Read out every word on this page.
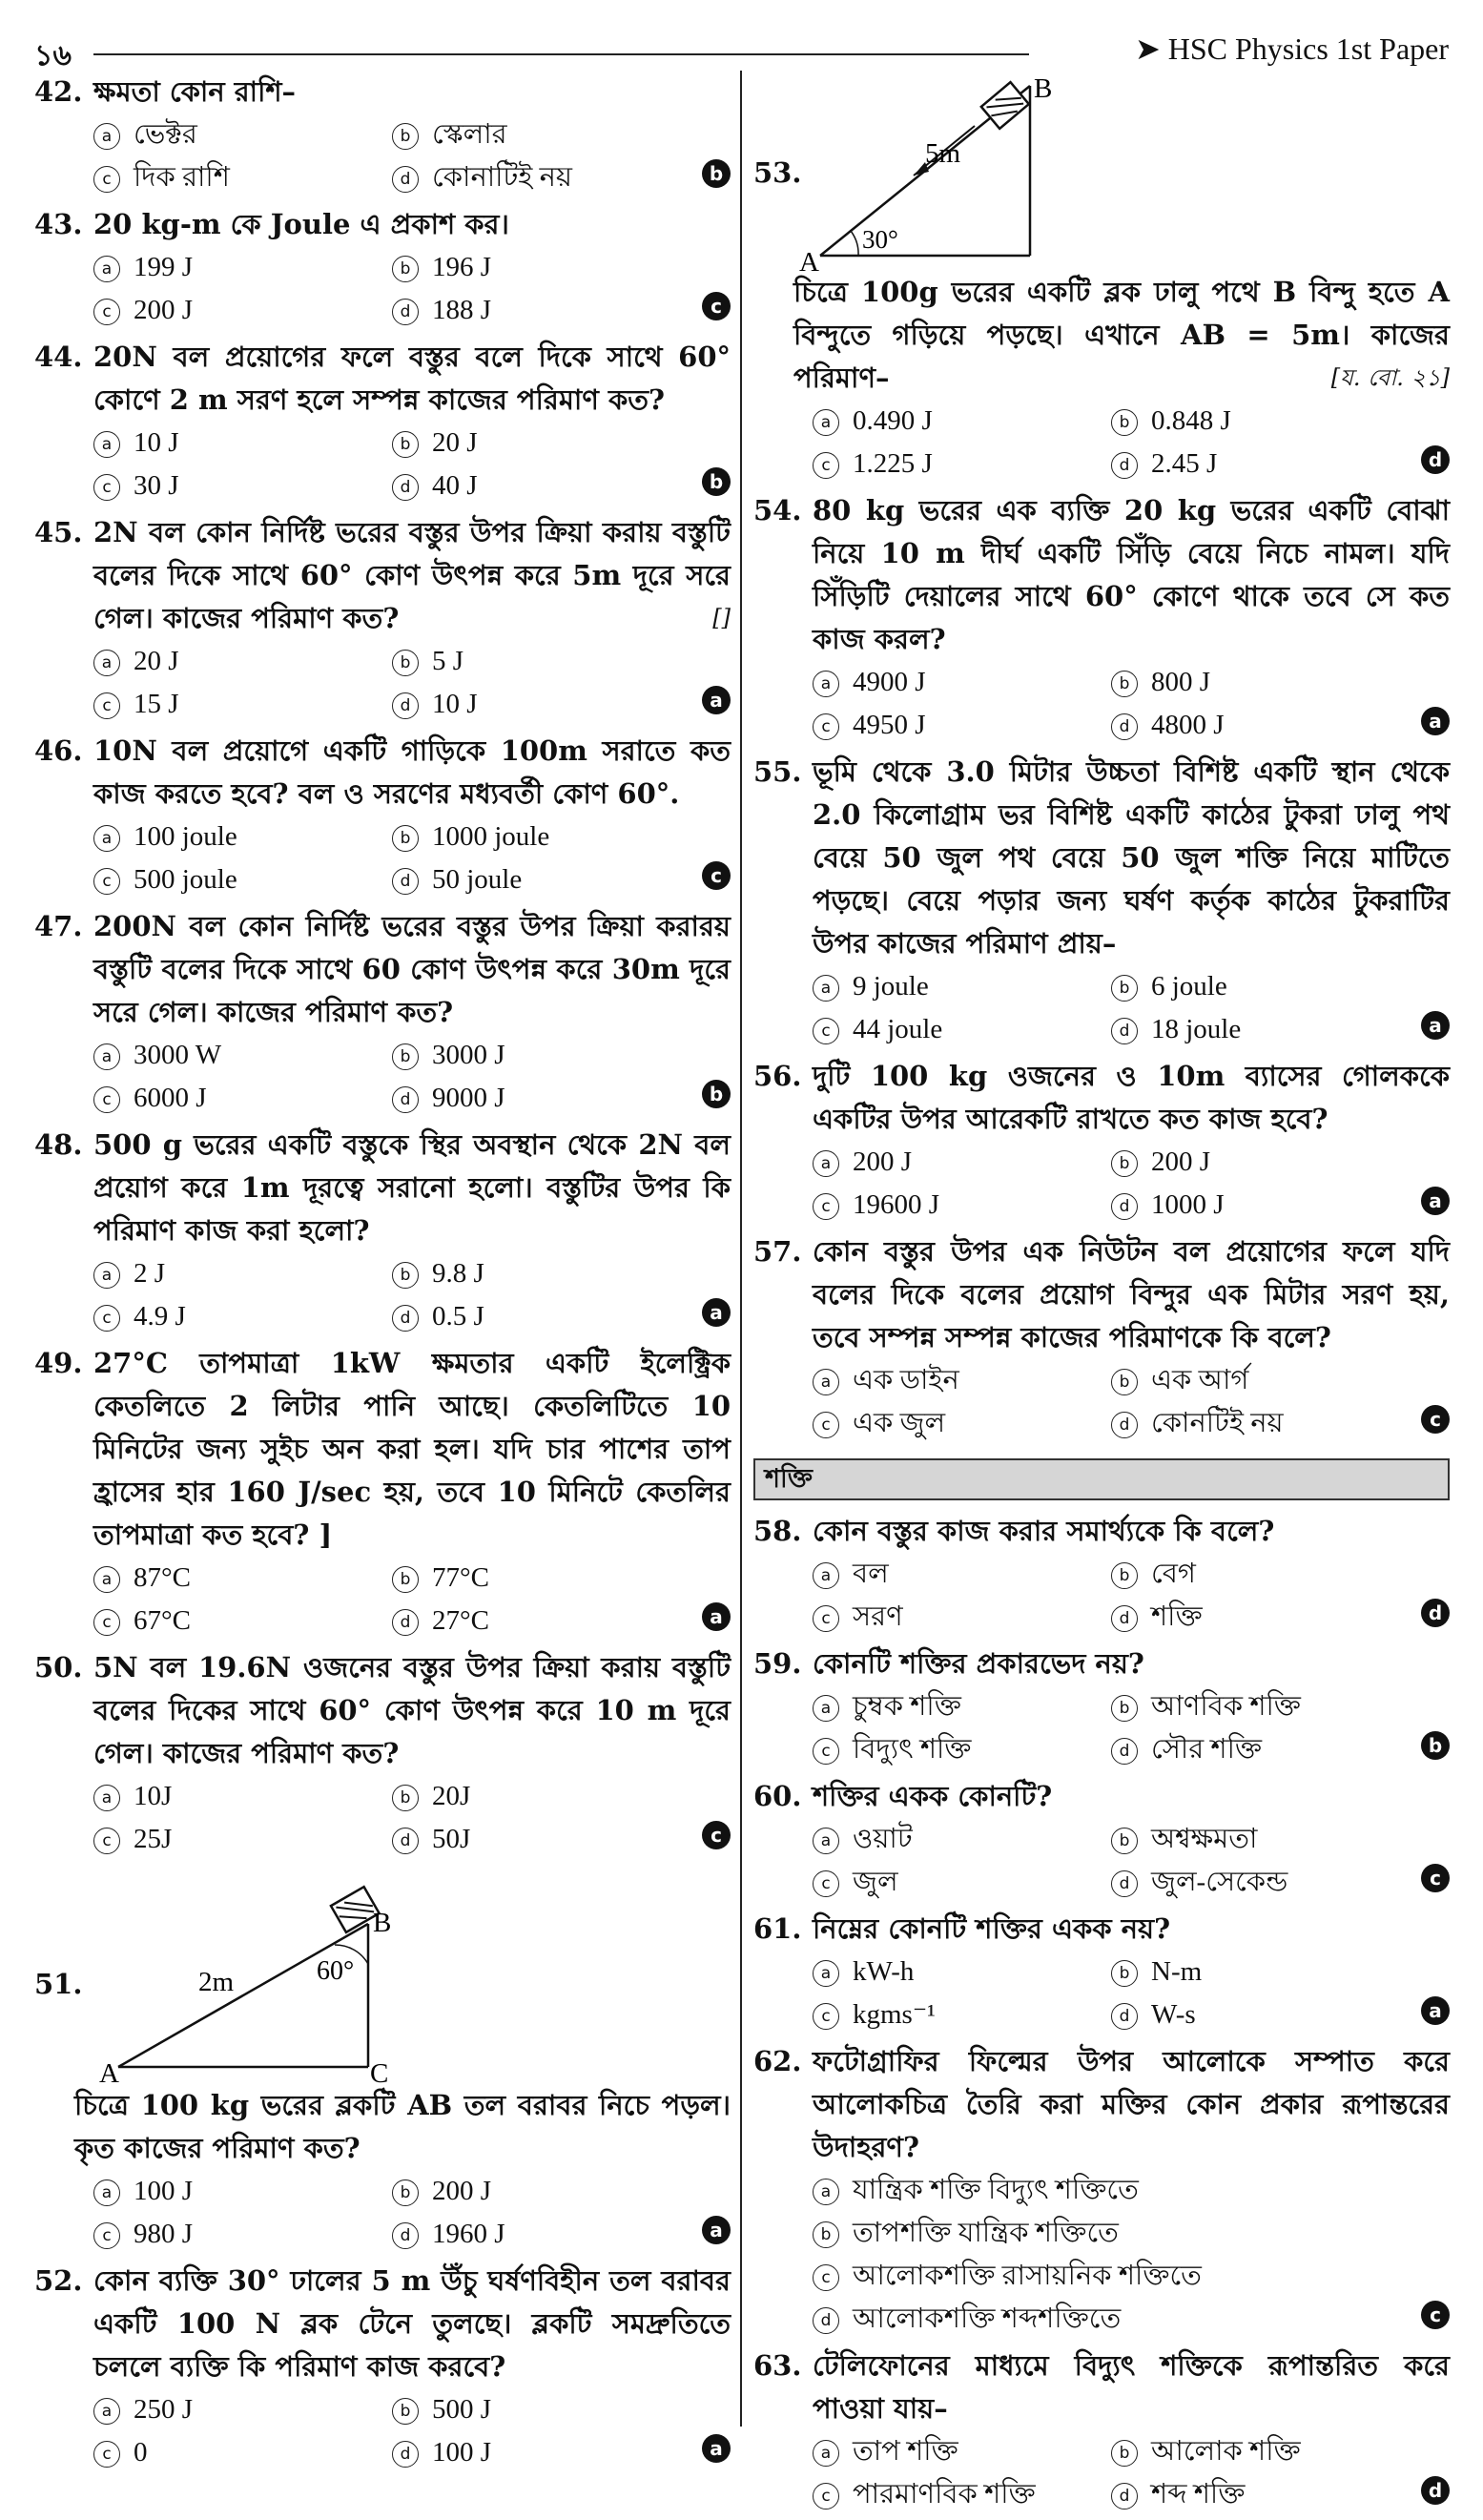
১৬	➤ HSC Physics 1st Paper
42. ক্ষমতা কোন রাশি–
a ভেক্টর	b স্কেলার
c দিক রাশি	d কোনাটিই নয়	b
43. 20 kg-m কে Joule এ প্রকাশ কর।
a 199 J	b 196 J
c 200 J	d 188 J	c
44. 20N বল প্রয়োগের ফলে বস্তুর বলে দিকে সাথে 60° কোণে 2 m সরণ হলে সম্পন্ন কাজের পরিমাণ কত?
a 10 J	b 20 J
c 30 J	d 40 J	b
45. 2N বল কোন নির্দিষ্ট ভরের বস্তুর উপর ক্রিয়া করায় বস্তুটি বলের দিকে সাথে 60° কোণ উৎপন্ন করে 5m দূরে সরে গেল। কাজের পরিমাণ কত?	[]
a 20 J	b 5 J
c 15 J	d 10 J	a
46. 10N বল প্রয়োগে একটি গাড়িকে 100m সরাতে কত কাজ করতে হবে? বল ও সরণের মধ্যবর্তী কোণ 60°.
a 100 joule	b 1000 joule
c 500 joule	d 50 joule	c
47. 200N বল কোন নির্দিষ্ট ভরের বস্তুর উপর ক্রিয়া করারয় বস্তুটি বলের দিকে সাথে 60 কোণ উৎপন্ন করে 30m দূরে সরে গেল। কাজের পরিমাণ কত?
a 3000 W	b 3000 J
c 6000 J	d 9000 J	b
48. 500 g ভরের একটি বস্তুকে স্থির অবস্থান থেকে 2N বল প্রয়োগ করে 1m দূরত্বে সরানো হলো। বস্তুটির উপর কি পরিমাণ কাজ করা হলো?
a 2 J	b 9.8 J
c 4.9 J	d 0.5 J	a
49. 27°C তাপমাত্রা 1kW ক্ষমতার একটি ইলেক্ট্রিক কেতলিতে 2 লিটার পানি আছে। কেতলিটিতে 10 মিনিটের জন্য সুইচ অন করা হল। যদি চার পাশের তাপ হ্রাসের হার 160 J/sec হয়, তবে 10 মিনিটে কেতলির তাপমাত্রা কত হবে? ]
a 87°C	b 77°C
c 67°C	d 27°C	a
50. 5N বল 19.6N ওজনের বস্তুর উপর ক্রিয়া করায় বস্তুটি বলের দিকের সাথে 60° কোণ উৎপন্ন করে 10 m দূরে গেল। কাজের পরিমাণ কত?
a 10J	b 20J
c 25J	d 50J	c
51.	60°
2m
A
B
C
চিত্রে 100 kg ভরের ব্লকটি AB তল বরাবর নিচে পড়ল। কৃত কাজের পরিমাণ কত?
a 100 J	b 200 J
c 980 J	d 1960 J	a
52. কোন ব্যক্তি 30° ঢালের 5 m উঁচু ঘর্ষণবিহীন তল বরাবর একটি 100 N ব্লক টেনে তুলছে। ব্লকটি সমদ্রুতিতে চললে ব্যক্তি কি পরিমাণ কাজ করবে?
a 250 J	b 500 J
c 0	d 100 J	a
53.
30°
5m
A
B
চিত্রে 100g ভরের একটি ব্লক ঢালু পথে B বিন্দু হতে A বিন্দুতে গড়িয়ে পড়ছে। এখানে AB = 5m। কাজের পরিমাণ–	[য. বো. ২১]
a 0.490 J	b 0.848 J
c 1.225 J	d 2.45 J	d
54. 80 kg ভরের এক ব্যক্তি 20 kg ভরের একটি বোঝা নিয়ে 10 m দীর্ঘ একটি সিঁড়ি বেয়ে নিচে নামল। যদি সিঁড়িটি দেয়ালের সাথে 60° কোণে থাকে তবে সে কত কাজ করল?
a 4900 J	b 800 J
c 4950 J	d 4800 J	a
55. ভূমি থেকে 3.0 মিটার উচ্চতা বিশিষ্ট একটি স্থান থেকে 2.0 কিলোগ্রাম ভর বিশিষ্ট একটি কাঠের টুকরা ঢালু পথ বেয়ে 50 জুল পথ বেয়ে 50 জুল শক্তি নিয়ে মাটিতে পড়ছে। বেয়ে পড়ার জন্য ঘর্ষণ কর্তৃক কাঠের টুকরাটির উপর কাজের পরিমাণ প্রায়–
a 9 joule	b 6 joule
c 44 joule	d 18 joule	a
56. দুটি 100 kg ওজনের ও 10m ব্যাসের গোলককে একটির উপর আরেকটি রাখতে কত কাজ হবে?
a 200 J	b 200 J
c 19600 J	d 1000 J	a
57. কোন বস্তুর উপর এক নিউটন বল প্রয়োগের ফলে যদি বলের দিকে বলের প্রয়োগ বিন্দুর এক মিটার সরণ হয়, তবে সম্পন্ন সম্পন্ন কাজের পরিমাণকে কি বলে?
a এক ডাইন	b এক আর্গ
c এক জুল	d কোনটিই নয়	c
শক্তি
58. কোন বস্তুর কাজ করার সমার্থ্যকে কি বলে?
a বল	b বেগ
c সরণ	d শক্তি	d
59. কোনটি শক্তির প্রকারভেদ নয়?
a চুম্বক শক্তি	b আণবিক শক্তি
c বিদ্যুৎ শক্তি	d সৌর শক্তি	b
60. শক্তির একক কোনটি?
a ওয়াট	b অশ্বক্ষমতা
c জুল	d জুল-সেকেন্ড	c
61. নিম্নের কোনটি শক্তির একক নয়?
a kW-h	b N-m
c kgms⁻¹	d W-s	a
62. ফটোগ্রাফির ফিল্মের উপর আলোকে সম্পাত করে আলোকচিত্র তৈরি করা মক্তির কোন প্রকার রূপান্তরের উদাহরণ?
a যান্ত্রিক শক্তি বিদ্যুৎ শক্তিতে
b তাপশক্তি যান্ত্রিক শক্তিতে
c আলোকশক্তি রাসায়নিক শক্তিতে
d আলোকশক্তি শব্দশক্তিতে	c
63. টেলিফোনের মাধ্যমে বিদ্যুৎ শক্তিকে রূপান্তরিত করে পাওয়া যায়–
a তাপ শক্তি	b আলোক শক্তি
c পারমাণবিক শক্তি	d শব্দ শক্তি	d
